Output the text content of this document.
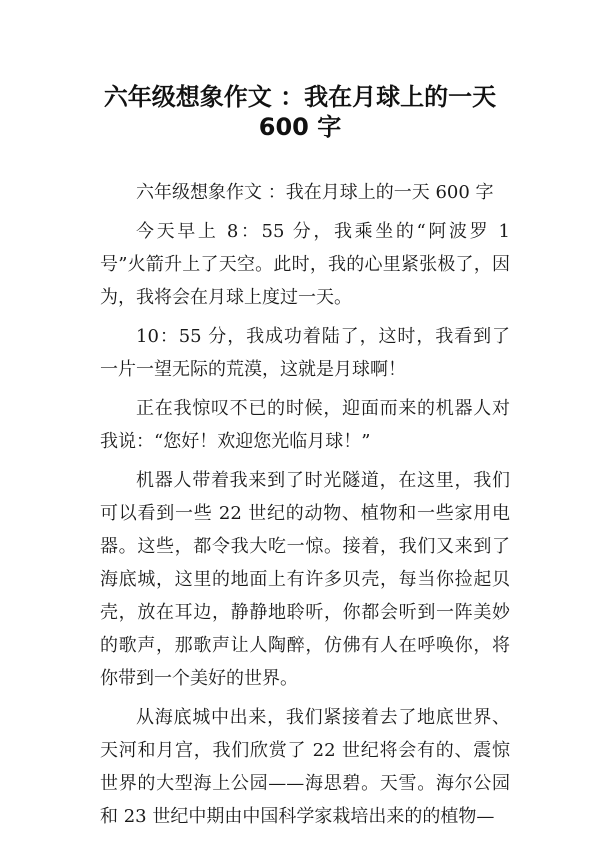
六年级想象作文 ：我在月球上的一天
600 字

六年级想象作文 ：我在月球上的一天 600 字

今天早上 8：55 分，我乘坐的“阿波罗 1 号”火箭升上了天空。此时，我的心里紧张极了，因为，我将会在月球上度过一天。

10：55 分，我成功着陆了，这时，我看到了一片一望无际的荒漠，这就是月球啊！

正在我惊叹不已的时候，迎面而来的机器人对我说：“您好！欢迎您光临月球！”

机器人带着我来到了时光隧道，在这里，我们可以看到一些 22 世纪的动物、植物和一些家用电器。这些，都令我大吃一惊。接着，我们又来到了海底城，这里的地面上有许多贝壳，每当你捡起贝壳，放在耳边，静静地聆听，你都会听到一阵美妙的歌声，那歌声让人陶醉，仿佛有人在呼唤你，将你带到一个美好的世界。

从海底城中出来，我们紧接着去了地底世界、天河和月宫，我们欣赏了 22 世纪将会有的、震惊世界的大型海上公园——海思碧。天雪。海尔公园和 23 世纪中期由中国科学家栽培出来的的植物—
